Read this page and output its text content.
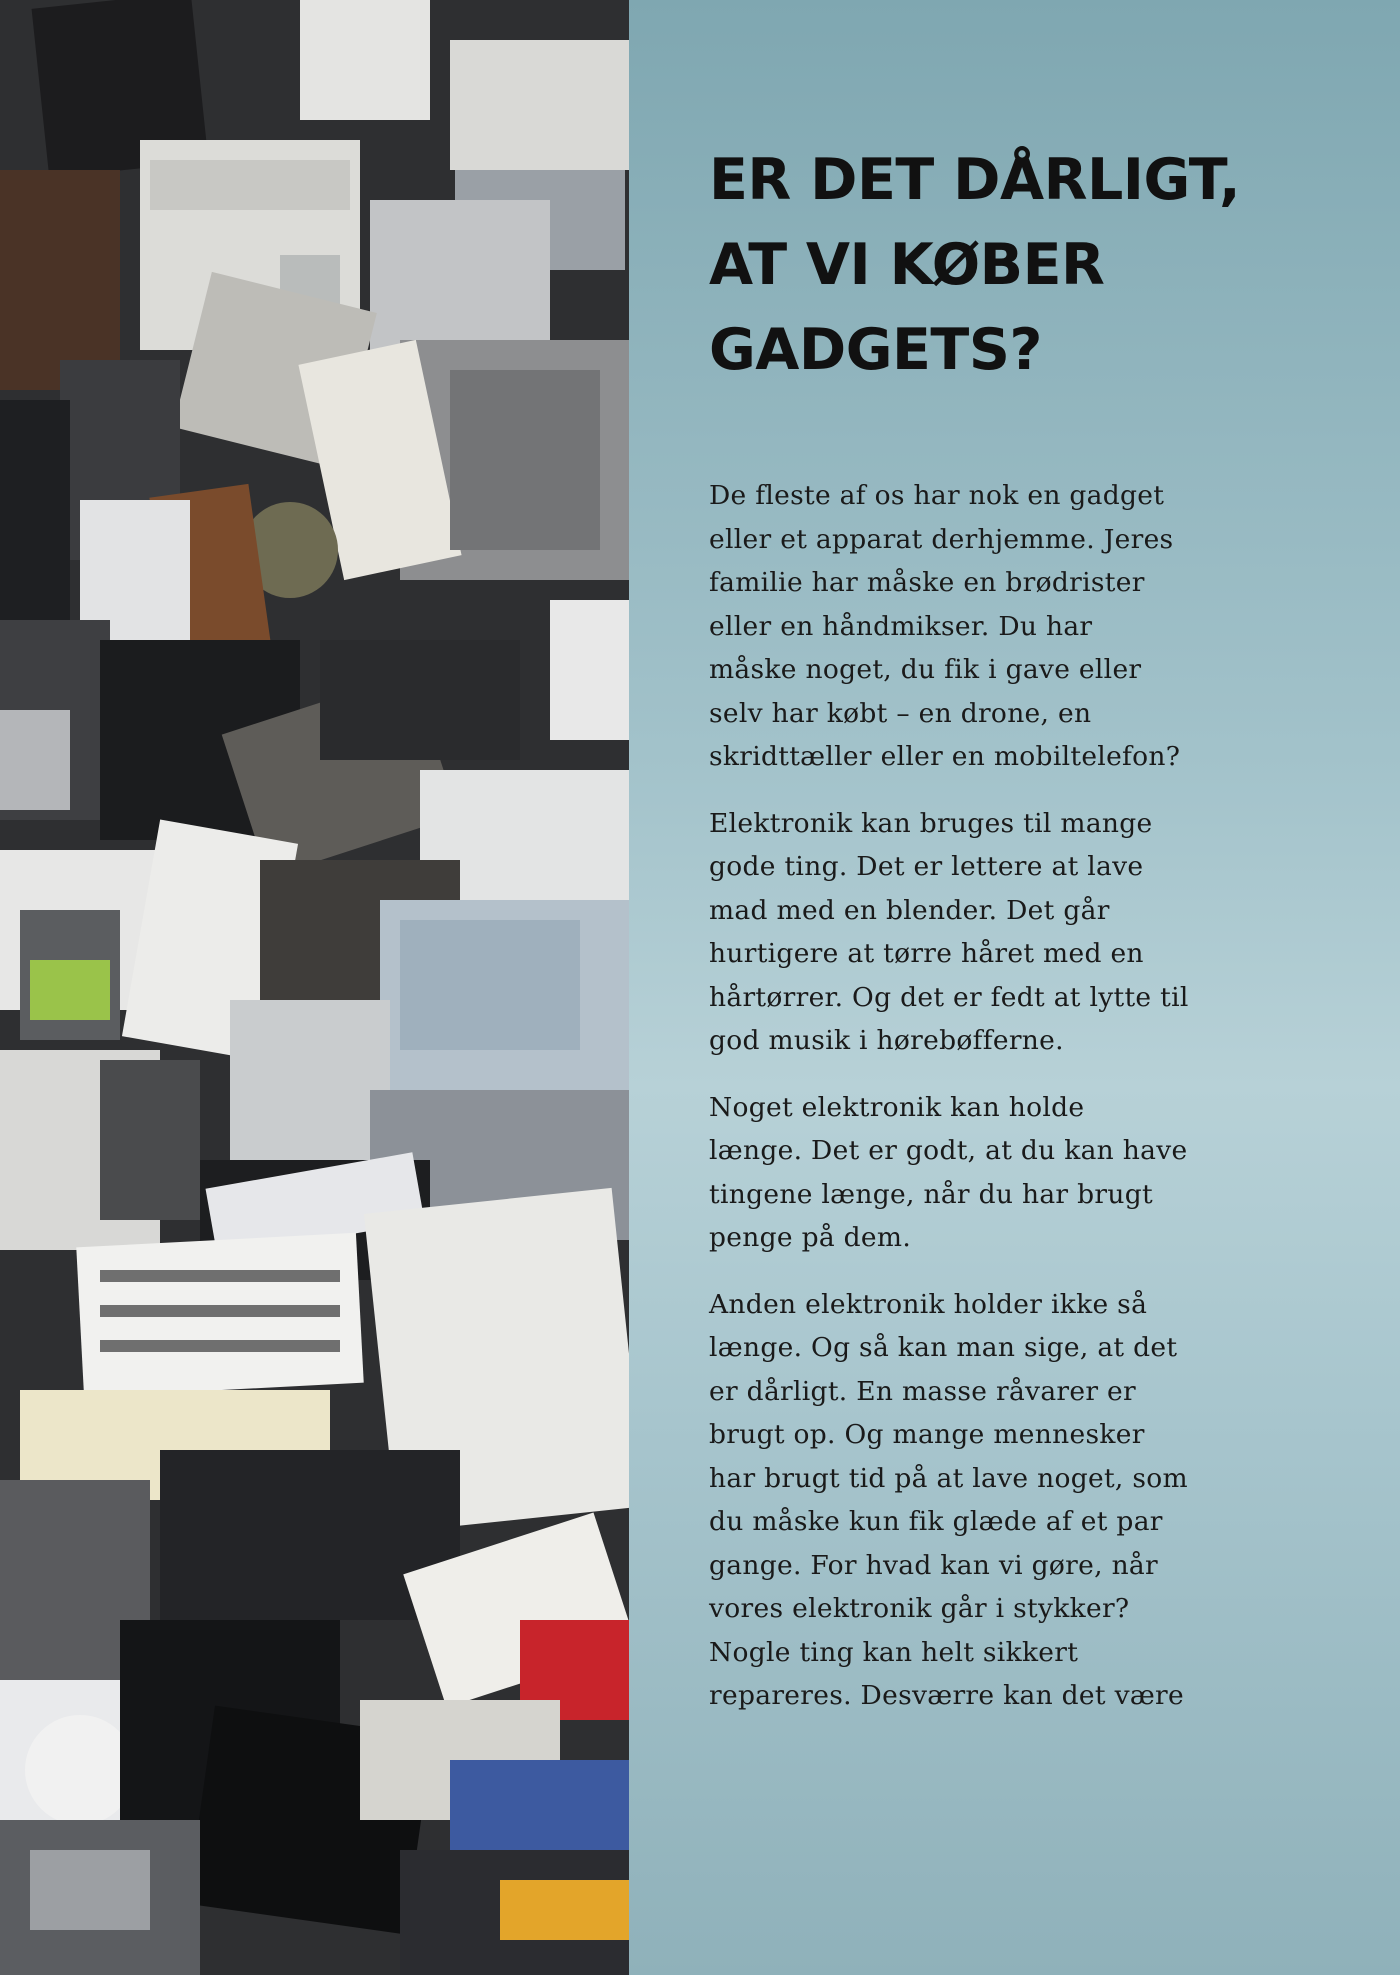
ER DET DÅRLIGT,
AT VI KØBER
GADGETS?

De fleste af os har nok en gadget
eller et apparat derhjemme. Jeres
familie har måske en brødrister
eller en håndmikser. Du har
måske noget, du fik i gave eller
selv har købt – en drone, en
skridttæller eller en mobiltelefon?

Elektronik kan bruges til mange
gode ting. Det er lettere at lave
mad med en blender. Det går
hurtigere at tørre håret med en
hårtørrer. Og det er fedt at lytte til
god musik i hørebøfferne.

Noget elektronik kan holde
længe. Det er godt, at du kan have
tingene længe, når du har brugt
penge på dem.

Anden elektronik holder ikke så
længe. Og så kan man sige, at det
er dårligt. En masse råvarer er
brugt op. Og mange mennesker
har brugt tid på at lave noget, som
du måske kun fik glæde af et par
gange. For hvad kan vi gøre, når
vores elektronik går i stykker?
Nogle ting kan helt sikkert
repareres. Desværre kan det være
